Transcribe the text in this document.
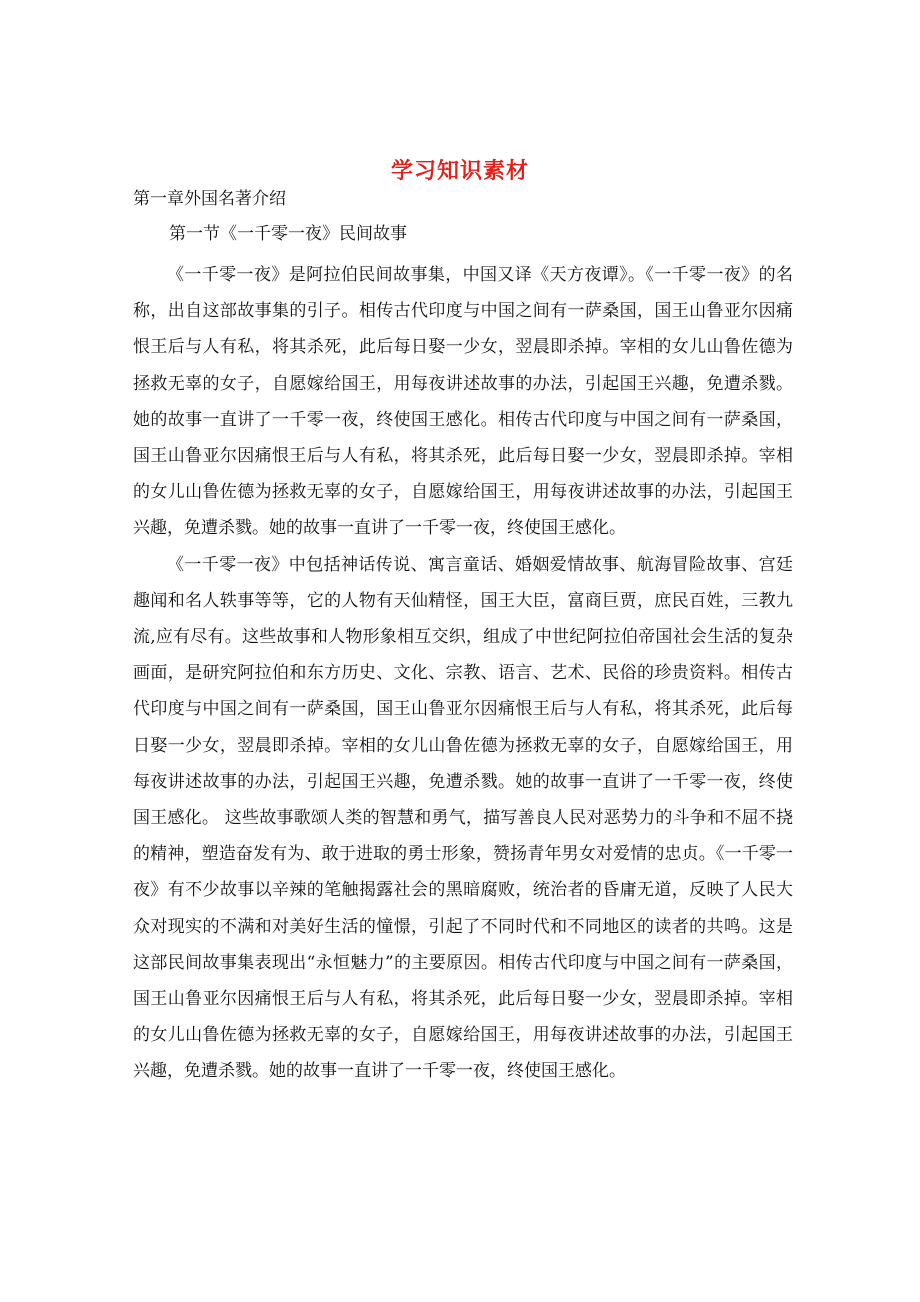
学习知识素材

第一章外国名著介绍

第一节《一千零一夜》民间故事

《一千零一夜》是阿拉伯民间故事集，中国又译《天方夜谭》。《一千零一夜》的名称，出自这部故事集的引子。相传古代印度与中国之间有一萨桑国，国王山鲁亚尔因痛恨王后与人有私，将其杀死，此后每日娶一少女，翌晨即杀掉。宰相的女儿山鲁佐德为拯救无辜的女子，自愿嫁给国王，用每夜讲述故事的办法，引起国王兴趣，免遭杀戮。她的故事一直讲了一千零一夜，终使国王感化。相传古代印度与中国之间有一萨桑国，国王山鲁亚尔因痛恨王后与人有私，将其杀死，此后每日娶一少女，翌晨即杀掉。宰相的女儿山鲁佐德为拯救无辜的女子，自愿嫁给国王，用每夜讲述故事的办法，引起国王兴趣，免遭杀戮。她的故事一直讲了一千零一夜，终使国王感化。

《一千零一夜》中包括神话传说、寓言童话、婚姻爱情故事、航海冒险故事、宫廷趣闻和名人轶事等等，它的人物有天仙精怪，国王大臣，富商巨贾，庶民百姓，三教九流,应有尽有。这些故事和人物形象相互交织，组成了中世纪阿拉伯帝国社会生活的复杂画面，是研究阿拉伯和东方历史、文化、宗教、语言、艺术、民俗的珍贵资料。相传古代印度与中国之间有一萨桑国，国王山鲁亚尔因痛恨王后与人有私，将其杀死，此后每日娶一少女，翌晨即杀掉。宰相的女儿山鲁佐德为拯救无辜的女子，自愿嫁给国王，用每夜讲述故事的办法，引起国王兴趣，免遭杀戮。她的故事一直讲了一千零一夜，终使国王感化。 这些故事歌颂人类的智慧和勇气，描写善良人民对恶势力的斗争和不屈不挠的精神，塑造奋发有为、敢于进取的勇士形象，赞扬青年男女对爱情的忠贞。《一千零一夜》有不少故事以辛辣的笔触揭露社会的黑暗腐败，统治者的昏庸无道，反映了人民大众对现实的不满和对美好生活的憧憬，引起了不同时代和不同地区的读者的共鸣。这是这部民间故事集表现出“永恒魅力”的主要原因。相传古代印度与中国之间有一萨桑国，国王山鲁亚尔因痛恨王后与人有私，将其杀死，此后每日娶一少女，翌晨即杀掉。宰相的女儿山鲁佐德为拯救无辜的女子，自愿嫁给国王，用每夜讲述故事的办法，引起国王兴趣，免遭杀戮。她的故事一直讲了一千零一夜，终使国王感化。
